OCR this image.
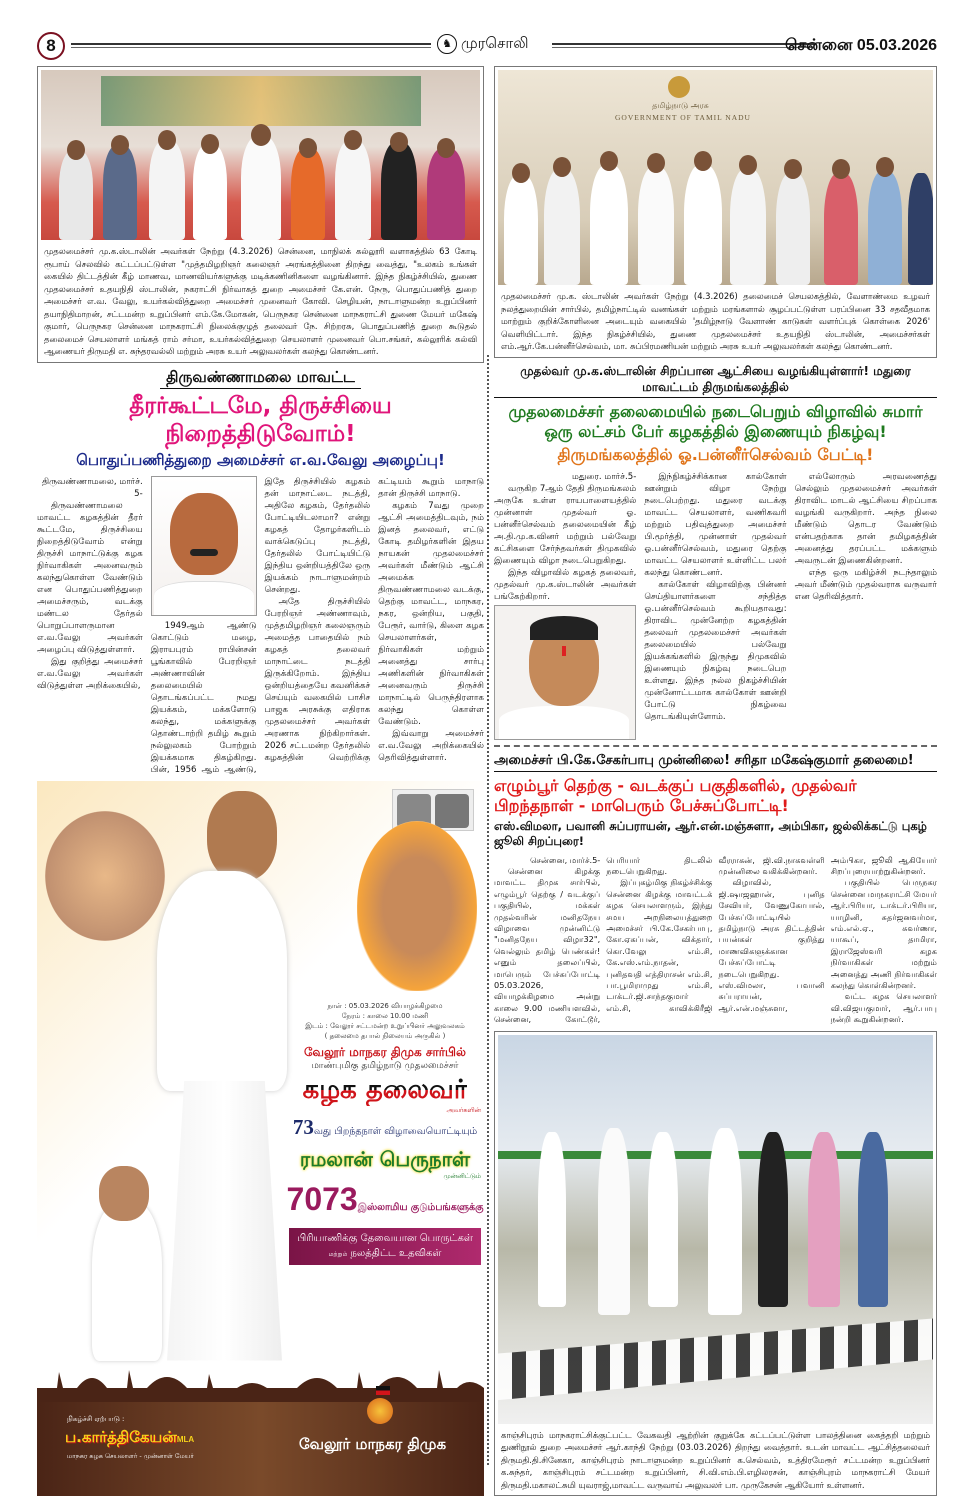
8	♞ முரசொலி	சென்னை 05.03.2026
முதலமைச்சர் மு.க.ஸ்டாலின் அவர்கள் நேற்று (4.3.2026) சென்னை, மாநிலக் கல்லூரி வளாகத்தில் 63 கோடி ரூபாய் செலவில் கட்டப்பட்டுள்ள "முத்தமிழறிஞர் கலைஞர் அரங்கத்தினை திறந்து வைத்து, "உலகம் உங்கள் கையில் திட்டத்தின் கீழ் மாணவ, மாணவியர்களுக்கு மடிக்கணினிகளை வழங்கினார். இந்த நிகழ்ச்சியில், துணை முதலமைச்சர் உதயநிதி ஸ்டாலின், நகராட்சி நிர்வாகத் துறை அமைச்சர் கே.என். நேரு, பொதுப்பணித் துறை அமைச்சர் எ.வ. வேலு, உயர்கல்வித்துறை அமைச்சர் முனைவர் கோவி. செழியன், நாடாளுமன்ற உறுப்பினர் தயாநிதிமாறன், சட்டமன்ற உறுப்பினர் எம்.கே.மோகன், பெருநகர சென்னை மாநகராட்சி துணை மேயர் மகேஷ் குமார், பெருநகர சென்னை மாநகராட்சி நிலைக்குழுத் தலைவர் நே. சிற்றரசு, பொதுப்பணித் துறை கூடுதல் தலைமைச் செயலாளர் மங்கத் ராம் சர்மா, உயர்கல்வித்துறை செயலாளர் முனைவர் பொ.சங்கர், கல்லூரிக் கல்வி ஆணையர் திருமதி எ. சுந்தரவல்லி மற்றும் அரசு உயர் அலுவலர்கள் கலந்து கொண்டனர்.
திருவண்ணாமலை மாவட்ட
தீரர்கூட்டமே, திருச்சியை நிறைத்திடுவோம்!
பொதுப்பணித்துறை அமைச்சர் எ.வ.வேலு அழைப்பு!
திருவண்ணாமலை, மார்ச். 5-

திருவண்ணாமலை மாவட்ட கழகத்தின் தீரர் கூட்டமே, திருச்சியை நிறைத்திடுவோம் என்று திருச்சி மாநாட்டுக்கு கழக நிர்வாகிகள் அனைவரும் கலந்துகொள்ள வேண்டும் என பொதுப்பணித்துறை அமைச்சரும், வடக்கு மண்டல தேர்தல் பொறுப்பாளருமான எ.வ.வேலு அவர்கள் அழைப்பு விடுத்துள்ளார்.

இது குறித்து அமைச்சர் எ.வ.வேலு அவர்கள் விடுத்துள்ள அறிக்கையில்,

1949ஆம் ஆண்டு கொட்டும் மழை, இராயபுரம் ராபின்சன் பூங்காவில் பேரறிஞர் அண்ணாவின் தலைமையில் தொடங்கப்பட்ட நமது இயக்கம், மக்களோடு கலந்து, மக்களுக்கு தொண்டாற்றி தமிழ் கூறும் நல்லுலகம் போற்றும் இயக்கமாக திகழ்கிறது. பின், 1956 ஆம் ஆண்டு, இதே திருச்சியில் கழகம் தன் மாநாட்டை நடத்தி, அதிலே கழகம், தேர்தலில் போட்டியிடலாமா? என்று கழகத் தோழர்களிடம் வாக்கெடுப்பு நடத்தி, தேர்தலில் போட்டியிட்டு இந்திய ஒன்றியத்திலே ஒரு இயக்கம் நாடாளுமன்றம் சென்றது.

அதே திருச்சியில் பேரறிஞர் அண்ணாவும், முத்தமிழறிஞர் கலைஞரும் அமைத்த பாதையில் நம் கழகத் தலைவர் மாநாட்டை நடத்தி இருக்கிறோம். இந்திய ஒன்றியத்தையே கவனிக்கச் செய்யும் வகையில் பாசிச பாஜக அரசுக்கு எதிராக முதலமைச்சர் அவர்கள் அரணாக நிற்கிறார்கள். 2026 சட்டமன்ற தேர்தலில் கழகத்தின் வெற்றிக்கு கட்டியம் கூறும் மாநாடு தான் திருச்சி மாநாடு.

கழகம் 7வது முறை ஆட்சி அமைத்திடவும், நம் இனத் தலைவர், எட்டு கோடி தமிழர்களின் இதய நாயகன் முதலமைச்சர் அவர்கள் மீண்டும் ஆட்சி அமைக்க திருவண்ணாமலை வடக்கு, தெற்கு மாவட்ட, மாநகர, நகர, ஒன்றிய, பகுதி, பேரூர், வார்டு, கிளை கழக செயலாளர்கள், நிர்வாகிகள் மற்றும் அனைத்து சார்பு அணிகளின் நிர்வாகிகள் அனைவரும் திருச்சி மாநாட்டில் பெருந்திரளாக கலந்து கொள்ள வேண்டும்.

இவ்வாறு அமைச்சர் எ.வ.வேலு அறிக்கையில் தெரிவித்துள்ளார்.

நாள் : 05.03.2026 வியாழக்கிழமை
நேரம் : காலை 10.00 மணி
இடம் : வேலூர் சட்டமன்ற உறுப்பினர் அலுவலகம்
( தலைமை தபால் நிலையம் அருகில் )
வேலூர் மாநகர திமுக சார்பில்
மாண்புமிகு தமிழ்நாடு முதலமைச்சர்
கழக தலைவர்
அவர்களின்
73வது பிறந்தநாள் விழாவையொட்டியும்
ரமலான் பெருநாள்
முன்னிட்டும்
7073இஸ்லாமிய குடும்பங்களுக்கு
பிரியாணிக்கு தேவையான பொருட்கள்
மற்றும் நலத்திட்ட உதவிகள்
நிகழ்ச்சி ஏற்பாடு :
ப.கார்த்திகேயன்MLA
மாநகர கழக செயலாளர் - முன்னாள் மேயர்
வேலூர் மாநகர திமுக
தமிழ்நாடு அரசு
GOVERNMENT OF TAMIL NADU
முதலமைச்சர் மு.க. ஸ்டாலின் அவர்கள் நேற்று (4.3.2026) தலைமைச் செயலகத்தில், வேளாண்மை உழவர் நலத்துறையின் சார்பில், தமிழ்நாட்டில் வனங்கள் மற்றும் மரங்களால் சூழப்பட்டுள்ள பரப்பினை 33 சதவீதமாக மாற்றும் குறிக்கோளினை அடையும் வகையில் 'தமிழ்நாடு வேளாண் காடுகள் வளர்ப்புக் கொள்கை 2026' வெளியிட்டார். இந்த நிகழ்ச்சியில், துணை முதலமைச்சர் உதயநிதி ஸ்டாலின், அமைச்சர்கள் எம்.ஆர்.கே.பன்னீர்செல்வம், மா. சுப்பிரமணியன் மற்றும் அரசு உயர் அலுவலர்கள் கலந்து கொண்டனர்.
முதல்வர் மு.க.ஸ்டாலின் சிறப்பான ஆட்சியை வழங்கியுள்ளார்! மதுரை மாவட்டம் திருமங்கலத்தில்
முதலமைச்சர் தலைமையில் நடைபெறும் விழாவில் சுமார் ஒரு லட்சம் பேர் கழகத்தில் இணையும் நிகழ்வு!
திருமங்கலத்தில் ஓ.பன்னீர்செல்வம் பேட்டி!
மதுரை. மார்ச்.5-

வருகிற 7ஆம் தேதி திருமங்கலம் அருகே உள்ள ராயபாளையத்தில் முன்னாள் முதல்வர் ஓ. பன்னீர்செல்வம் தலைமையின் கீழ் அ.தி.மு.க.வினர் மற்றும் பல்வேறு கட்சிகளை சேர்ந்தவர்கள் திமுகவில் இணையும் விழா நடைபெறுகிறது.

இந்த விழாவில் கழகத் தலைவர், முதல்வர் மு.க.ஸ்டாலின் அவர்கள் பங்கேற்கிறார்.

இந்நிகழ்ச்சிக்கான கால்கோள் ஊன்றும் விழா நேற்று நடைபெற்றது. மதுரை வடக்கு மாவட்ட செயலாளர், வணிகவரி மற்றும் பதிவுத்துறை அமைச்சர் பி.மூர்த்தி, முன்னாள் முதல்வர் ஓ.பன்னீர்செல்வம், மதுரை தெற்கு மாவட்ட செயலாளர் உள்ளிட்ட பலர் கலந்து கொண்டனர்.

கால்கோள் விழாவிற்கு பின்னர் செய்தியாளர்களை சந்தித்த ஓ.பன்னீர்செல்வம் கூறியதாவது: திராவிட முன்னேற்ற கழகத்தின் தலைவர் முதலமைச்சர் அவர்கள் தலைமையில் பல்வேறு இயக்கங்களில் இருந்து திமுகவில் இணையும் நிகழ்வு நடைபெற உள்ளது. இந்த நல்ல நிகழ்ச்சியின் முன்னோட்டமாக கால்கோள் ஊன்றி போட்டு நிகழ்வை தொடங்கியுள்ளோம்.

எல்லோரும் அரவணைத்து செல்லும் முதலமைச்சர் அவர்கள் திராவிட மாடல் ஆட்சியை சிறப்பாக வழங்கி வருகிறார். அந்த நிலை மீண்டும் தொடர வேண்டும் என்பதற்காக தான் தமிழகத்தின் அனைத்து தரப்பட்ட மக்களும் அவருடன் இணைகின்றனர்.

எந்த ஒரு மகிழ்ச்சி நடந்தாலும் அவர் மீண்டும் முதல்வராக வருவார் என தெரிவித்தார்.

அமைச்சர் பி.கே.சேகர்பாபு முன்னிலை! சரிதா மகேஷ்குமார் தலைமை!
எழும்பூர் தெற்கு - வடக்குப் பகுதிகளில், முதல்வர் பிறந்தநாள் - மாபெரும் பேச்சுப்போட்டி!
எஸ்.விமலா, பவானி சுப்பராயன், ஆர்.என்.மஞ்சுளா, அம்பிகா, ஜல்லிக்கட்டு புகழ் ஜூலி சிறப்புரை!
சென்னை, மார்ச்.5-

சென்னை கிழக்கு மாவட்ட திமுக சார்பில், எழும்பூர் தெற்கு / வடக்குப் பகுதியில், மக்கள் முதல்வரின் மனிதநேய விழாவை முன்னிட்டு "மனிதநேய விழா32", வெல்லும் தமிழ் பெண்கள்! எனும் தலைப்பில், மாபெரும் பேச்சுப்போட்டி 05.03.2026, வியாழக்கிழமை அன்று காலை 9.00 மணியளவில், சென்னை, கோட்டூர், பெரியார் திடலில் நடைபெறுகிறது.

இப்புகழ்மிகு நிகழ்ச்சிக்கு சென்னை கிழக்கு மாவட்டக் கழக செயலாளரும், இந்து சமய அறநிலையத்துறை அமைச்சர் பி.கே.சேகர்பாபு, கோ.ஏகப்பன், விக்தார், கொ.வேலு எம்.சி, கே.எஸ்.எம்.நாதன், புனிதவதி எத்திராசன் எம்.சி, பா.பூமிராமுது எம்.சி, டாக்டர்.ஜி.சாந்தகுமார் எம்.சி, காவிக்கிரீஜி வீரராகன், ஜி.வி.நாகவள்ளி முன்னிலை வகிக்கின்றனர்.

விழாவில், ஜி.ஷாஜஹான், புனித சேவியர், வேணுகோபால், பேச்சுப்போட்டியில் தமிழ்நாடு அரசு திட்டத்தின் பயன்கள் குறித்து மாணவிகளுக்கான பேச்சுப்போட்டி நடைபெறுகிறது. எஸ்.விமலா, பவானி சுப்பராயன், ஆர்.என்.மஞ்சுளா, அம்பிகா, ஜூலி ஆகியோர் சிறப்புரையாற்றுகின்றனர்.

பகுதியில் பெருநகர சென்னை மாநகராட்சி மேயர் ஆர்.பிரியா, டாக்டர்.பிரியா, யாழினி, சுதர்ஜனவர்மா, எம்.எல்.ஏ., சுவர்ணா, யாகூப், தாமிரா, இராஜேஸ்வரி கழக நிர்வாகிகள் மற்றும் அனைத்து அணி நிர்வாகிகள் கலந்து கொள்கின்றனர்.

வட்ட கழக செயலாளர் வி.விஜயகுமார், ஆர்.பாபு நன்றி கூறுகின்றனர்.

காஞ்சிபுரம் மாநகராட்சிக்குட்பட்ட வேகவதி ஆற்றின் குறுக்கே கட்டப்பட்டுள்ள பாலத்தினை கைத்தறி மற்றும் துணிநூல் துறை அமைச்சர் ஆர்.காந்தி நேற்று (03.03.2026) திறந்து வைத்தார். உடன் மாவட்ட ஆட்சித்தலைவர் திருமதி.தி.சினேகா, காஞ்சிபுரம் நாடாளுமன்ற உறுப்பினர் க.செல்வம், உத்திரமேரூர் சட்டமன்ற உறுப்பினர் க.சுந்தர், காஞ்சிபுரம் சட்டமன்ற உறுப்பினர், சி.வி.எம்.பி.எழிலரசன், காஞ்சிபுரம் மாநகராட்சி மேயர் திருமதி.மகாலட்சுமி யுவராஜ்,மாவட்ட வருவாய் அலுவலர் பா. முருகேசன் ஆகியோர் உள்ளனர்.
